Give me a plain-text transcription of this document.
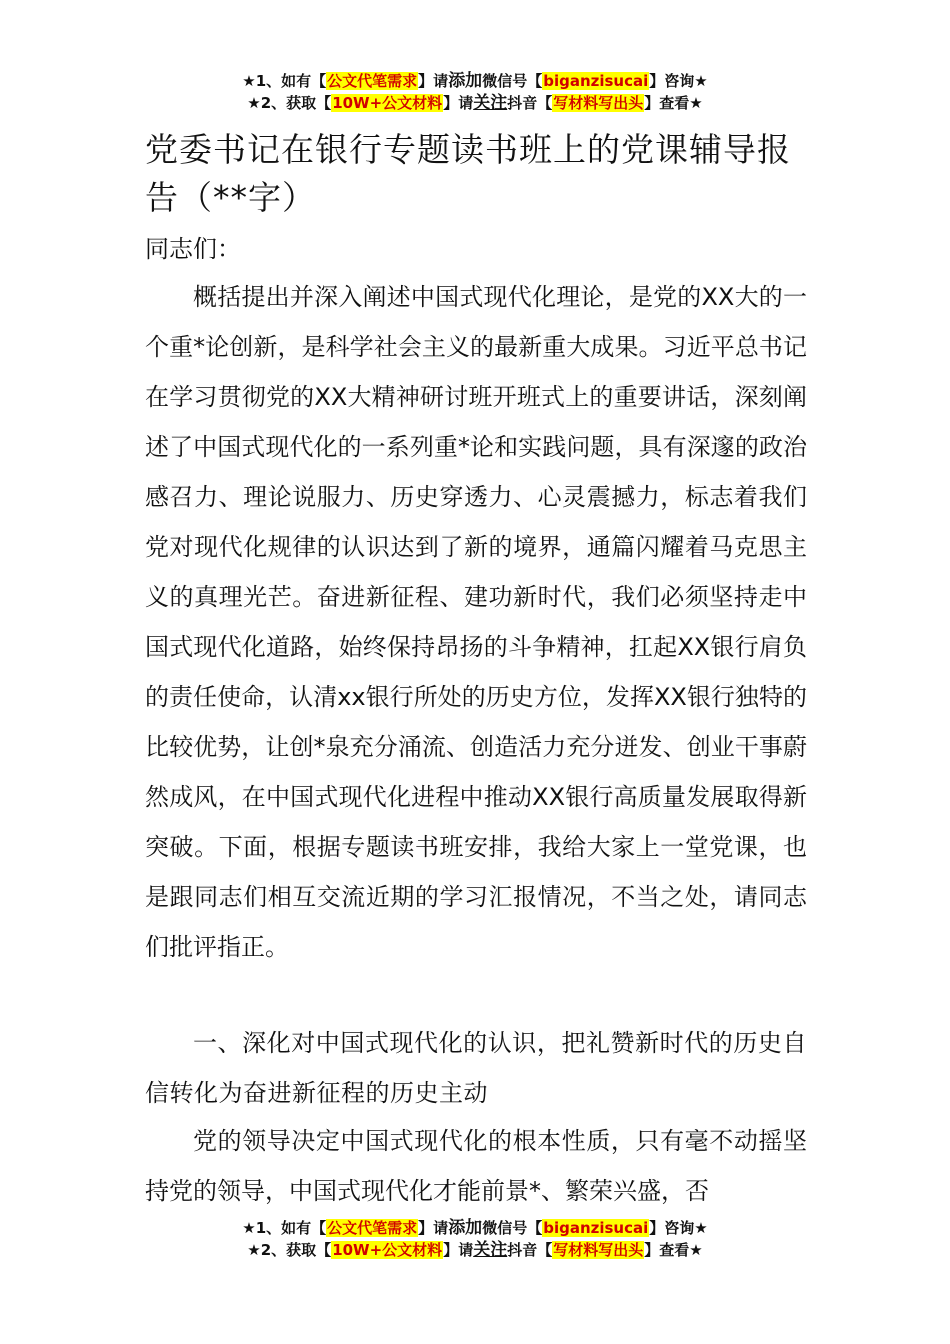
★1、如有【公文代笔需求】请添加微信号【biganzisucai】咨询★
★2、获取【10W+公文材料】请关注抖音【写材料写出头】查看★
党委书记在银行专题读书班上的党课辅导报告（**字）

同志们：

概括提出并深入阐述中国式现代化理论，是党的XX大的一个重*论创新，是科学社会主义的最新重大成果。习近平总书记在学习贯彻党的XX大精神研讨班开班式上的重要讲话，深刻阐述了中国式现代化的一系列重*论和实践问题，具有深邃的政治感召力、理论说服力、历史穿透力、心灵震撼力，标志着我们党对现代化规律的认识达到了新的境界，通篇闪耀着马克思主义的真理光芒。奋进新征程、建功新时代，我们必须坚持走中国式现代化道路，始终保持昂扬的斗争精神，扛起XX银行肩负的责任使命，认清xx银行所处的历史方位，发挥XX银行独特的比较优势，让创*泉充分涌流、创造活力充分迸发、创业干事蔚然成风，在中国式现代化进程中推动XX银行高质量发展取得新突破。下面，根据专题读书班安排，我给大家上一堂党课，也是跟同志们相互交流近期的学习汇报情况，不当之处，请同志们批评指正。

一、深化对中国式现代化的认识，把礼赞新时代的历史自信转化为奋进新征程的历史主动

党的领导决定中国式现代化的根本性质，只有毫不动摇坚持党的领导，中国式现代化才能前景*、繁荣兴盛，否

★1、如有【公文代笔需求】请添加微信号【biganzisucai】咨询★
★2、获取【10W+公文材料】请关注抖音【写材料写出头】查看★
